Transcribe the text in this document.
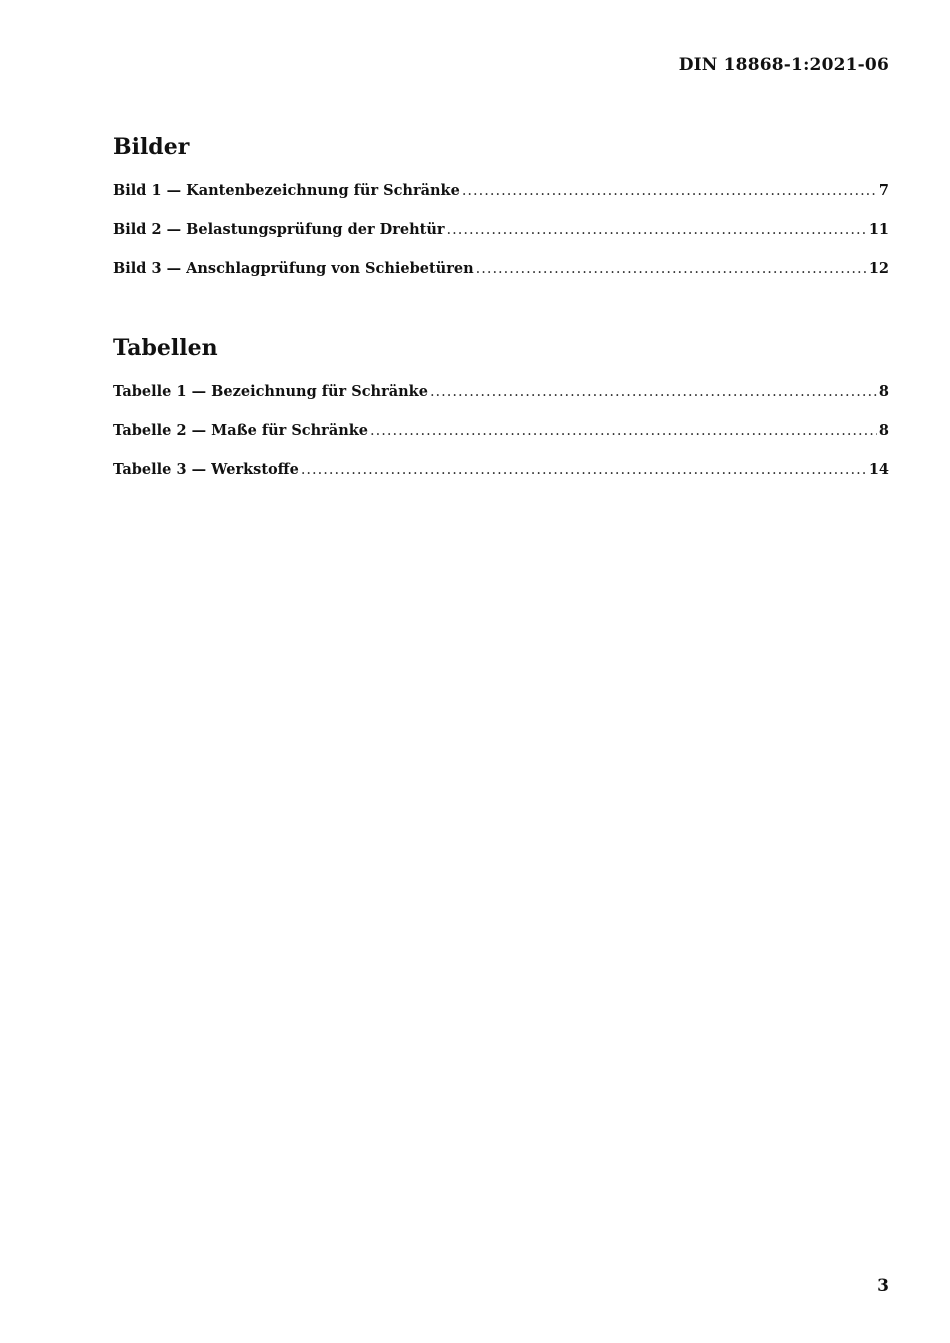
DIN 18868-1:2021-06
Bilder
Bild 1 — Kantenbezeichnung für Schränke .....	7
Bild 2 — Belastungsprüfung der Drehtür .....	11
Bild 3 — Anschlagprüfung von Schiebetüren .....	12
Tabellen
Tabelle 1 — Bezeichnung für Schränke .....	8
Tabelle 2 — Maße für Schränke .....	8
Tabelle 3 — Werkstoffe .....	14
3
